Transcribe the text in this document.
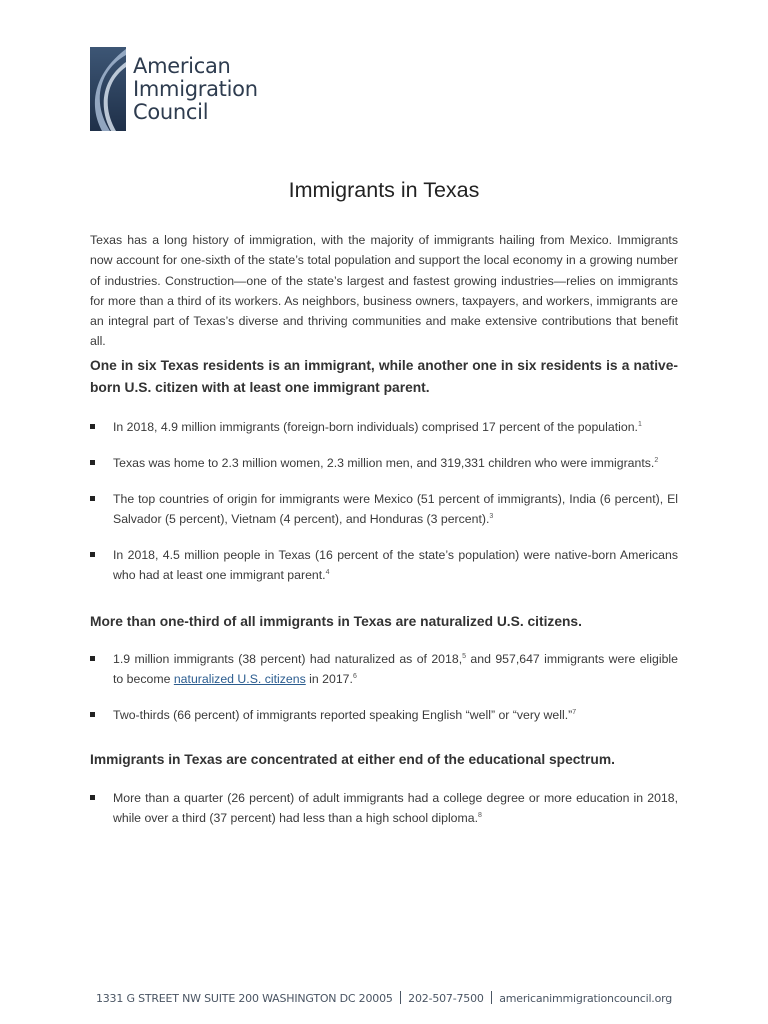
American
Immigration
Council
Immigrants in Texas

Texas has a long history of immigration, with the majority of immigrants hailing from Mexico. Immigrants now account for one-sixth of the state’s total population and support the local economy in a growing number of industries. Construction—one of the state’s largest and fastest growing industries—relies on immigrants for more than a third of its workers. As neighbors, business owners, taxpayers, and workers, immigrants are an integral part of Texas’s diverse and thriving communities and make extensive contributions that benefit all.

One in six Texas residents is an immigrant, while another one in six residents is a native-born U.S. citizen with at least one immigrant parent.
In 2018, 4.9 million immigrants (foreign-born individuals) comprised 17 percent of the population.$^1$
Texas was home to 2.3 million women, 2.3 million men, and 319,331 children who were immigrants.$^2$
The top countries of origin for immigrants were Mexico (51 percent of immigrants), India (6 percent), El Salvador (5 percent), Vietnam (4 percent), and Honduras (3 percent).$^3$
In 2018, 4.5 million people in Texas (16 percent of the state’s population) were native-born Americans who had at least one immigrant parent.$^4$
More than one-third of all immigrants in Texas are naturalized U.S. citizens.
1.9 million immigrants (38 percent) had naturalized as of 2018,$^5$ and 957,647 immigrants were eligible to become naturalized U.S. citizens in 2017.$^6$
Two-thirds (66 percent) of immigrants reported speaking English “well” or “very well.”$^7$
Immigrants in Texas are concentrated at either end of the educational spectrum.
More than a quarter (26 percent) of adult immigrants had a college degree or more education in 2018, while over a third (37 percent) had less than a high school diploma.$^8$
1331 G STREET NW SUITE 200 WASHINGTON DC 20005 202-507-7500 americanimmigrationcouncil.org
